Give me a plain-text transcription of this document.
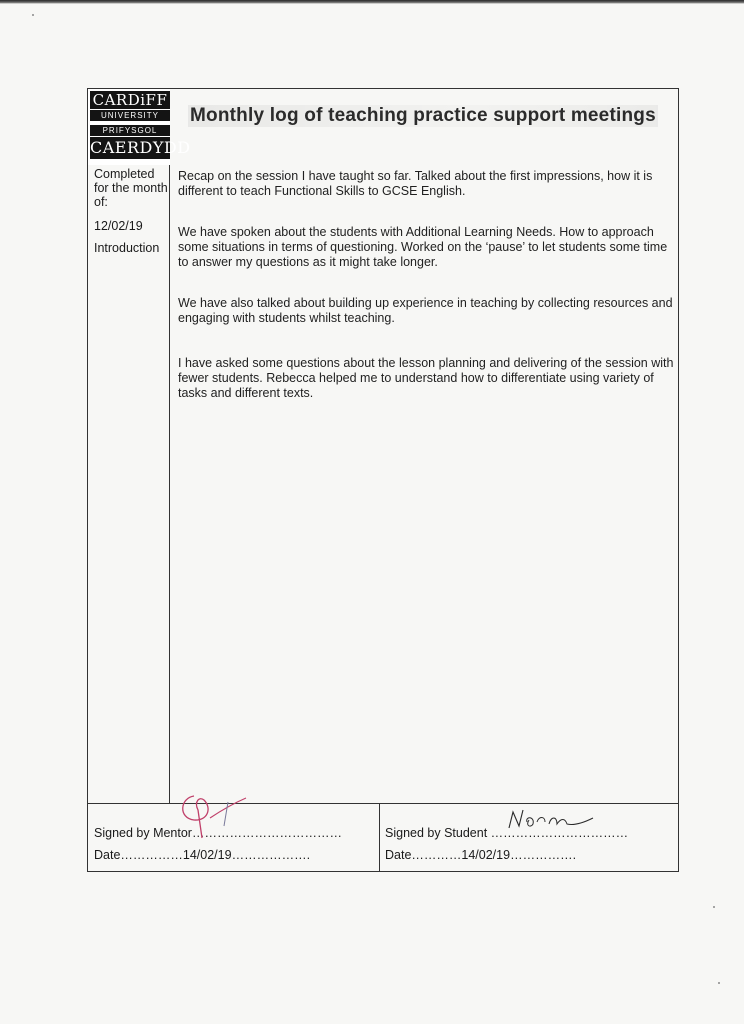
CARDiFF
UNIVERSITY
PRIFYSGOL
CAERDYDD
Monthly log of teaching practice support meetings
Completed for the month of:
12/02/19
Introduction

Recap on the session I have taught so far. Talked about the first impressions, how it is different to teach Functional Skills to GCSE English.

We have spoken about the students with Additional Learning Needs. How to approach some situations in terms of questioning. Worked on the ‘pause’ to let students some time to answer my questions as it might take longer.

We have also talked about building up experience in teaching by collecting resources and engaging with students whilst teaching.

I have asked some questions about the lesson planning and delivering of the session with fewer students. Rebecca helped me to understand how to differentiate using variety of tasks and different texts.

Signed by Mentor………………………………
Date……………14/02/19……………….
Signed by Student ……………………………
Date…………14/02/19…………….
